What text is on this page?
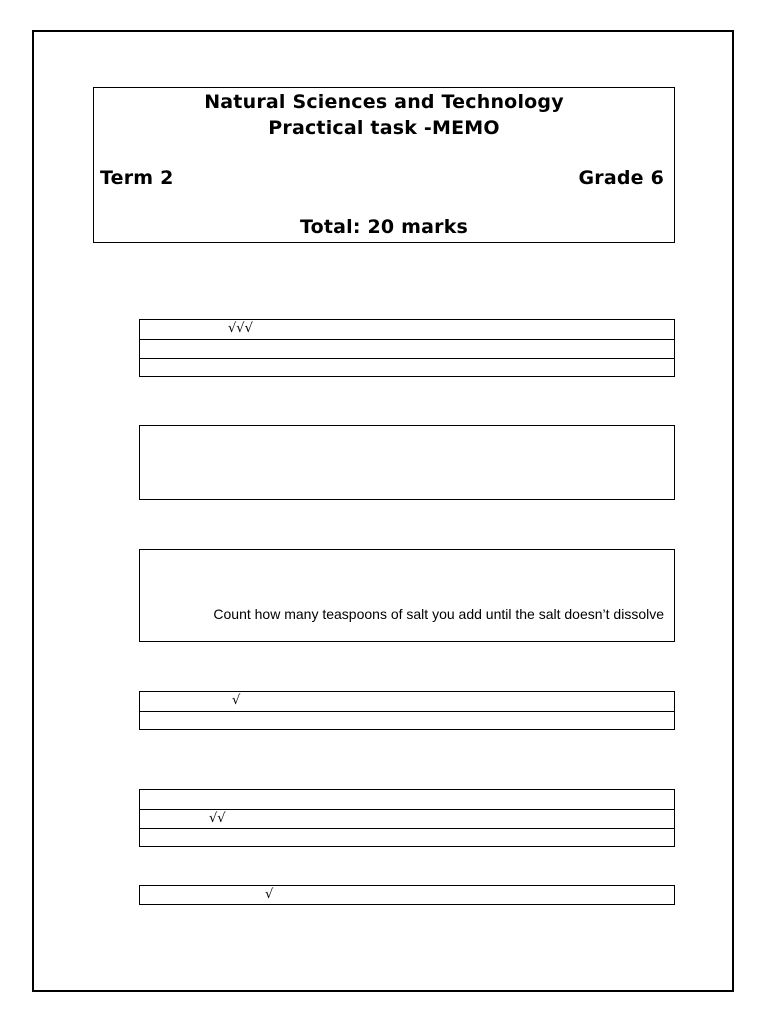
Natural Sciences and Technology
Practical task -MEMO
Term 2	Grade 6
Total: 20 marks
√√√
Count how many teaspoons of salt you add until the salt doesn’t dissolve
√
√√
√
